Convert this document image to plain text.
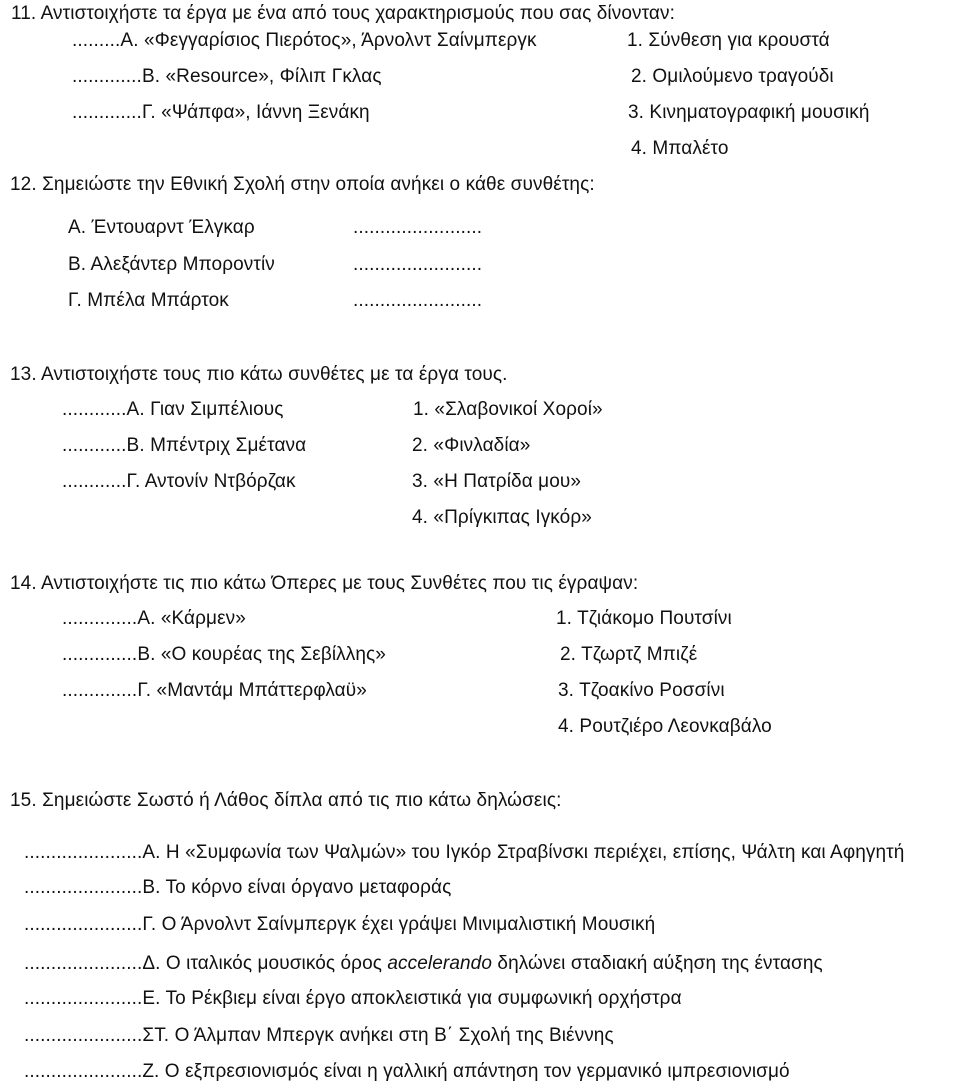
11. Αντιστοιχήστε τα έργα με ένα από τους χαρακτηρισμούς που σας δίνονταν:
.........Α. «Φεγγαρίσιος Πιερότος», Άρνολντ Σαίνμπεργκ	1. Σύνθεση για κρουστά
.............Β. «Resource», Φίλιπ Γκλας	2. Ομιλούμενο τραγούδι
.............Γ. «Ψάπφα», Ιάννη Ξενάκη	3. Κινηματογραφική μουσική
4. Μπαλέτο
12. Σημειώστε την Εθνική Σχολή στην οποία ανήκει ο κάθε συνθέτης:
Α. Έντουαρντ Έλγκαρ	........................
Β. Αλεξάντερ Μπορoντίν	........................
Γ. Μπέλα Μπάρτοκ	........................
13. Αντιστοιχήστε τους πιο κάτω συνθέτες με τα έργα τους.
............Α. Γιαν Σιμπέλιους	1. «Σλαβονικοί Χοροί»
............Β. Μπέντριχ Σμέτανα	2. «Φινλαδία»
............Γ. Αντονίν Ντβόρζακ	3. «Η Πατρίδα μου»
4. «Πρίγκιπας Ιγκόρ»
14. Αντιστοιχήστε τις πιο κάτω Όπερες με τους Συνθέτες που τις έγραψαν:
..............Α. «Κάρμεν»	1. Τζιάκομο Πουτσίνι
..............Β. «Ο κουρέας της Σεβίλλης»	2. Τζωρτζ Μπιζέ
..............Γ. «Μαντάμ Μπάττερφλαϋ»	3. Τζοακίνο Ροσσίνι
4. Ρουτζιέρο Λεονκαβάλο
15. Σημειώστε Σωστό ή Λάθος δίπλα από τις πιο κάτω δηλώσεις:
......................Α. Η «Συμφωνία των Ψαλμών» του Ιγκόρ Στραβίνσκι περιέχει, επίσης, Ψάλτη και Αφηγητή
......................Β. Το κόρνο είναι όργανο μεταφοράς
......................Γ. Ο Άρνολντ Σαίνμπεργκ έχει γράψει Μινιμαλιστική Μουσική
......................Δ. Ο ιταλικός μουσικός όρος accelerando δηλώνει σταδιακή αύξηση της έντασης
......................Ε. Το Ρέκβιεμ είναι έργο αποκλειστικά για συμφωνική ορχήστρα
......................ΣΤ. Ο Άλμπαν Μπεργκ ανήκει στη Β΄ Σχολή της Βιέννης
......................Ζ. Ο εξπρεσιονισμός είναι η γαλλική απάντηση τον γερμανικό ιμπρεσιονισμό
